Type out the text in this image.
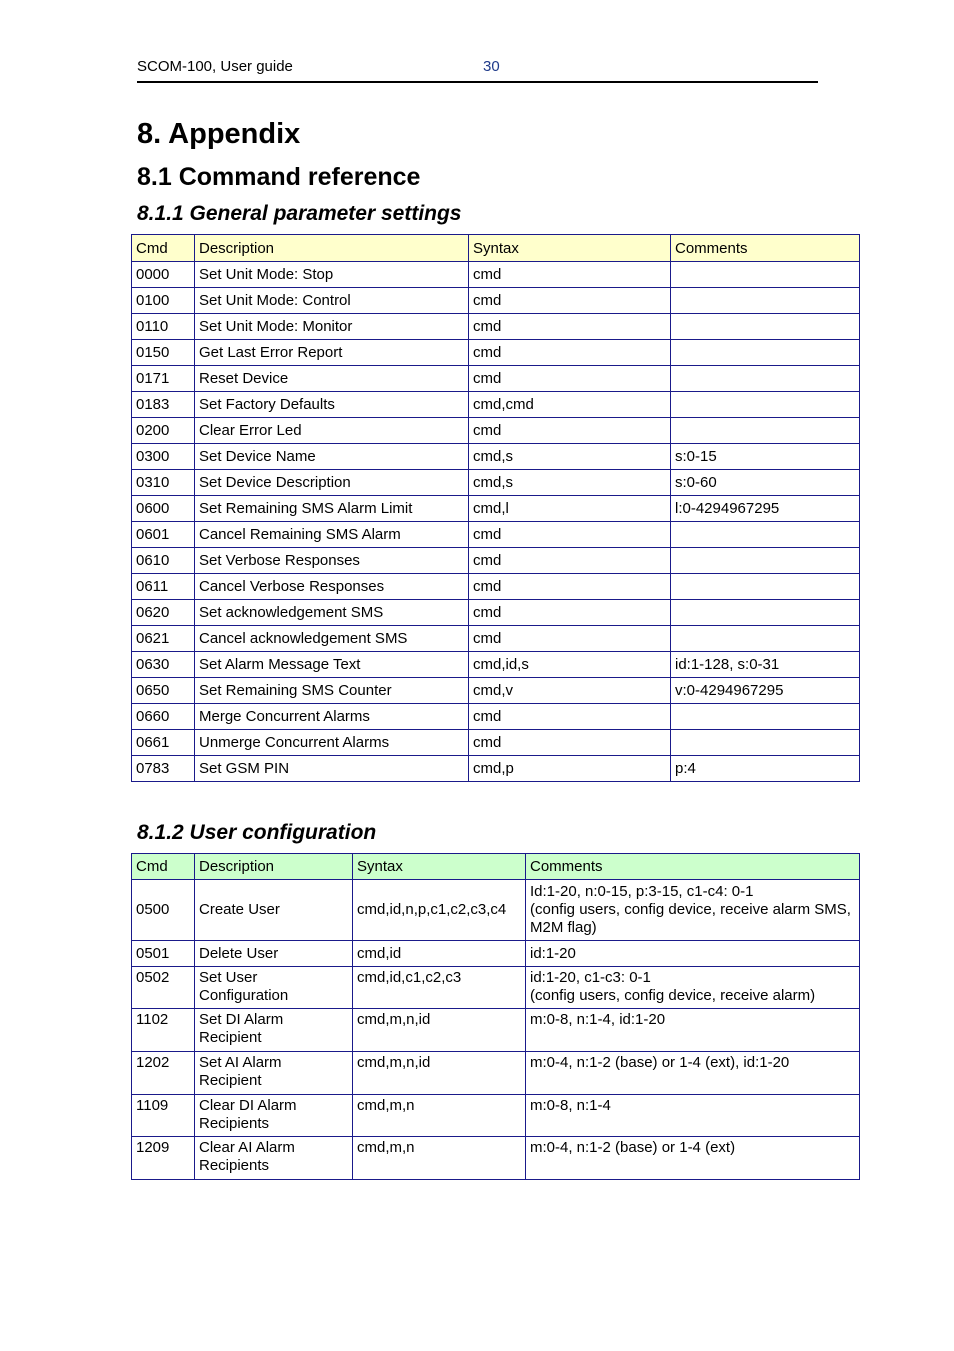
SCOM-100, User guide	30
8. Appendix
8.1 Command reference
8.1.1 General parameter settings
Cmd	Description	Syntax	Comments
0000	Set Unit Mode: Stop	cmd	
0100	Set Unit Mode: Control	cmd	
0110	Set Unit Mode: Monitor	cmd	
0150	Get Last Error Report	cmd	
0171	Reset Device	cmd	
0183	Set Factory Defaults	cmd,cmd	
0200	Clear Error Led	cmd	
0300	Set Device Name	cmd,s	s:0-15
0310	Set Device Description	cmd,s	s:0-60
0600	Set Remaining SMS Alarm Limit	cmd,l	l:0-4294967295
0601	Cancel Remaining SMS Alarm	cmd	
0610	Set Verbose Responses	cmd	
0611	Cancel Verbose Responses	cmd	
0620	Set acknowledgement SMS	cmd	
0621	Cancel acknowledgement SMS	cmd	
0630	Set Alarm Message Text	cmd,id,s	id:1-128, s:0-31
0650	Set Remaining SMS Counter	cmd,v	v:0-4294967295
0660	Merge Concurrent Alarms	cmd	
0661	Unmerge Concurrent Alarms	cmd	
0783	Set GSM PIN	cmd,p	p:4
8.1.2 User configuration
Cmd	Description	Syntax	Comments
0500	Create User	cmd,id,n,p,c1,c2,c3,c4	Id:1-20, n:0-15, p:3-15, c1-c4: 0-1
(config users, config device, receive alarm SMS, M2M flag)
0501	Delete User	cmd,id	id:1-20
0502	Set User Configuration	cmd,id,c1,c2,c3	id:1-20, c1-c3: 0-1
(config users, config device, receive alarm)
1102	Set DI Alarm Recipient	cmd,m,n,id	m:0-8, n:1-4, id:1-20
1202	Set AI Alarm Recipient	cmd,m,n,id	m:0-4, n:1-2 (base) or 1-4 (ext), id:1-20
1109	Clear DI Alarm Recipients	cmd,m,n	m:0-8, n:1-4
1209	Clear AI Alarm Recipients	cmd,m,n	m:0-4, n:1-2 (base) or 1-4 (ext)
